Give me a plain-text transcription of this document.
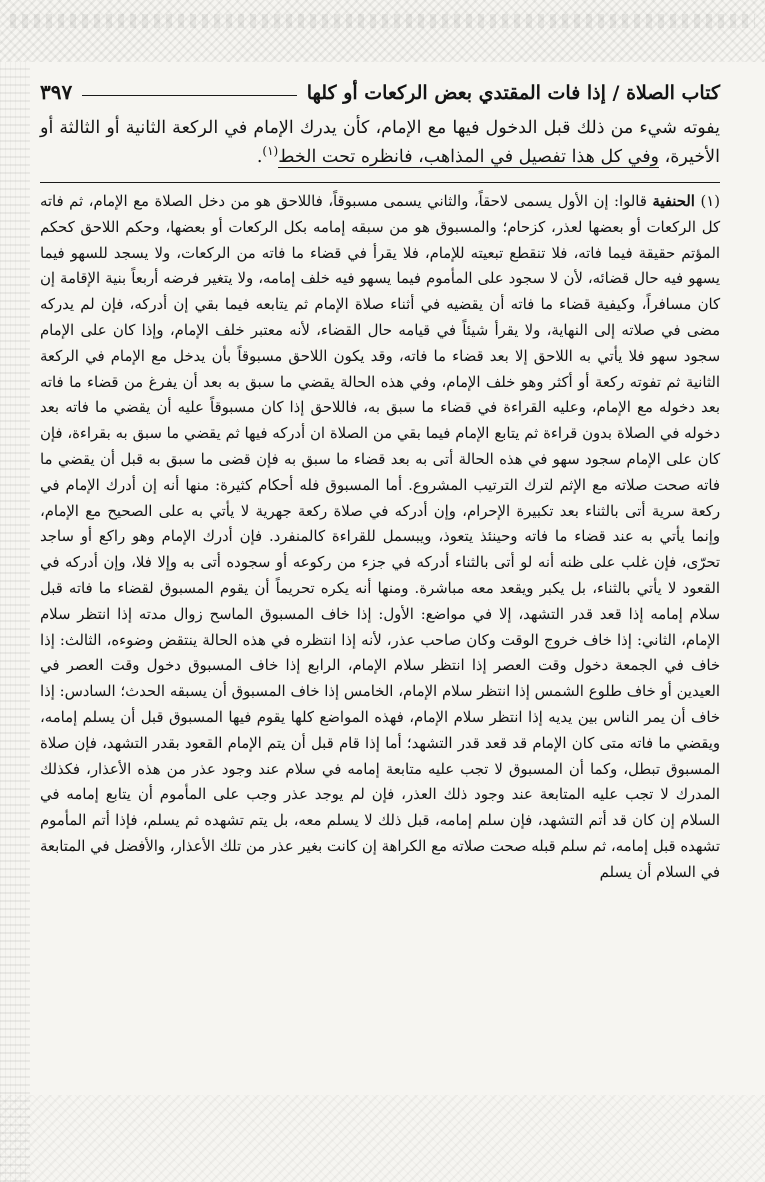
كتاب الصلاة / إذا فات المقتدي بعض الركعات أو كلها
٣٩٧
يفوته شيء من ذلك قبل الدخول فيها مع الإمام، كأن يدرك الإمام في الركعة الثانية أو الثالثة أو الأخيرة، وفي كل هذا تفصيل في المذاهب، فانظره تحت الخط$^{(١)}$.
(١) الحنفية قالوا: إن الأول يسمى لاحقاً، والثاني يسمى مسبوقاً، فاللاحق هو من دخل الصلاة مع الإمام، ثم فاته كل الركعات أو بعضها لعذر، كزحام؛ والمسبوق هو من سبقه إمامه بكل الركعات أو بعضها، وحكم اللاحق كحكم المؤتم حقيقة فيما فاته، فلا تنقطع تبعيته للإمام، فلا يقرأ في قضاء ما فاته من الركعات، ولا يسجد للسهو فيما يسهو فيه حال قضائه، لأن لا سجود على المأموم فيما يسهو فيه خلف إمامه، ولا يتغير فرضه أربعاً بنية الإقامة إن كان مسافراً، وكيفية قضاء ما فاته أن يقضيه في أثناء صلاة الإمام ثم يتابعه فيما بقي إن أدركه، فإن لم يدركه مضى في صلاته إلى النهاية، ولا يقرأ شيئاً في قيامه حال القضاء، لأنه معتبر خلف الإمام، وإذا كان على الإمام سجود سهو فلا يأتي به اللاحق إلا بعد قضاء ما فاته، وقد يكون اللاحق مسبوقاً بأن يدخل مع الإمام في الركعة الثانية ثم تفوته ركعة أو أكثر وهو خلف الإمام، وفي هذه الحالة يقضي ما سبق به بعد أن يفرغ من قضاء ما فاته بعد دخوله مع الإمام، وعليه القراءة في قضاء ما سبق به، فاللاحق إذا كان مسبوقاً عليه أن يقضي ما فاته بعد دخوله في الصلاة بدون قراءة ثم يتابع الإمام فيما بقي من الصلاة ان أدركه فيها ثم يقضي ما سبق به بقراءة، فإن كان على الإمام سجود سهو في هذه الحالة أتى به بعد قضاء ما سبق به فإن قضى ما سبق به قبل أن يقضي ما فاته صحت صلاته مع الإثم لترك الترتيب المشروع. أما المسبوق فله أحكام كثيرة: منها أنه إن أدرك الإمام في ركعة سرية أتى بالثناء بعد تكبيرة الإحرام، وإن أدركه في صلاة ركعة جهرية لا يأتي به على الصحيح مع الإمام، وإنما يأتي به عند قضاء ما فاته وحينئذ يتعوذ، ويبسمل للقراءة كالمنفرد. فإن أدرك الإمام وهو راكع أو ساجد تحرّى، فإن غلب على ظنه أنه لو أتى بالثناء أدركه في جزء من ركوعه أو سجوده أتى به وإلا فلا، وإن أدركه في القعود لا يأتي بالثناء، بل يكبر ويقعد معه مباشرة. ومنها أنه يكره تحريماً أن يقوم المسبوق لقضاء ما فاته قبل سلام إمامه إذا قعد قدر التشهد، إلا في مواضع: الأول: إذا خاف المسبوق الماسح زوال مدته إذا انتظر سلام الإمام، الثاني: إذا خاف خروج الوقت وكان صاحب عذر، لأنه إذا انتظره في هذه الحالة ينتقض وضوءه، الثالث: إذا خاف في الجمعة دخول وقت العصر إذا انتظر سلام الإمام، الرابع إذا خاف المسبوق دخول وقت العصر في العيدين أو خاف طلوع الشمس إذا انتظر سلام الإمام، الخامس إذا خاف المسبوق أن يسبقه الحدث؛ السادس: إذا خاف أن يمر الناس بين يديه إذا انتظر سلام الإمام، فهذه المواضع كلها يقوم فيها المسبوق قبل أن يسلم إمامه، ويقضي ما فاته متى كان الإمام قد قعد قدر التشهد؛ أما إذا قام قبل أن يتم الإمام القعود بقدر التشهد، فإن صلاة المسبوق تبطل، وكما أن المسبوق لا تجب عليه متابعة إمامه في سلام عند وجود عذر من هذه الأعذار، فكذلك المدرك لا تجب عليه المتابعة عند وجود ذلك العذر، فإن لم يوجد عذر وجب على المأموم أن يتابع إمامه في السلام إن كان قد أتم التشهد، فإن سلم إمامه، قبل ذلك لا يسلم معه، بل يتم تشهده ثم يسلم، فإذا أتم المأموم تشهده قبل إمامه، ثم سلم قبله صحت صلاته مع الكراهة إن كانت بغير عذر من تلك الأعذار، والأفضل في المتابعة في السلام أن يسلم
